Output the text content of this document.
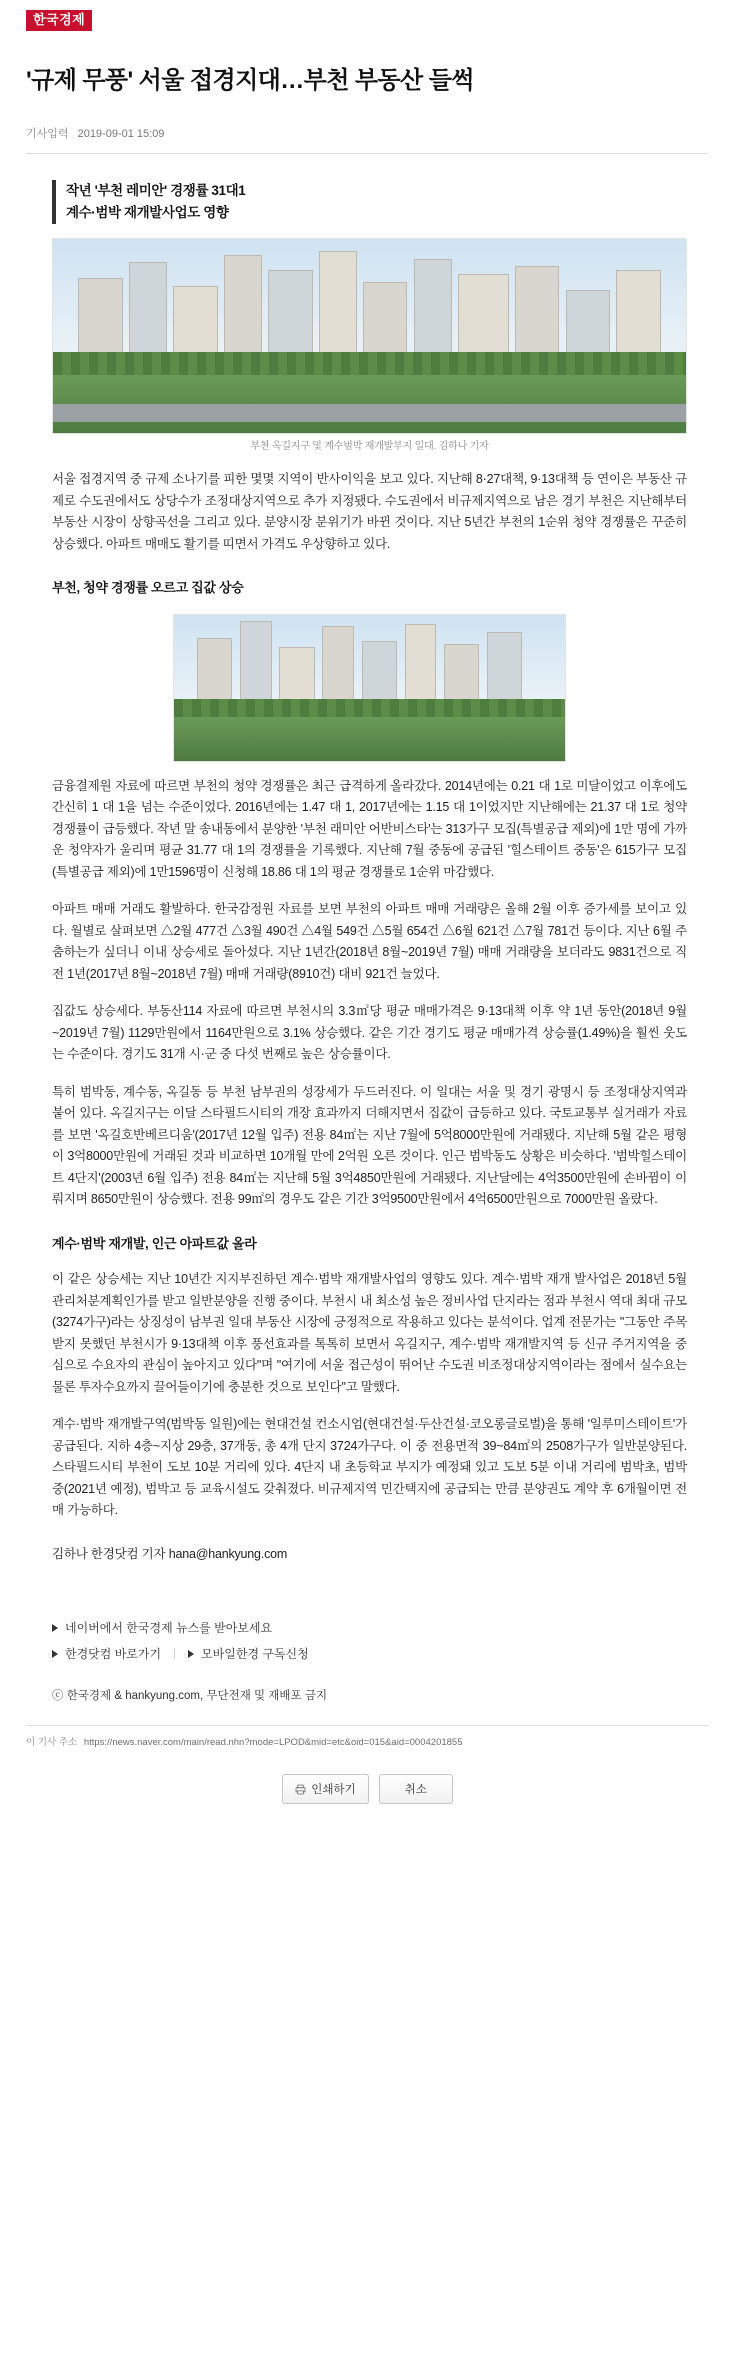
한국경제
'규제 무풍' 서울 접경지대…부천 부동산 들썩
기사입력 2019-09-01 15:09
작년 '부천 레미안' 경쟁률 31대1
계수·범박 재개발사업도 영향
부천 옥길지구 및 계수범박 재개발부지 일대. 김하나 기자

서울 접경지역 중 규제 소나기를 피한 몇몇 지역이 반사이익을 보고 있다. 지난해 8·27대책, 9·13대책 등 연이은 부동산 규제로 수도권에서도 상당수가 조정대상지역으로 추가 지정됐다. 수도권에서 비규제지역으로 남은 경기 부천은 지난해부터 부동산 시장이 상향곡선을 그리고 있다. 분양시장 분위기가 바뀐 것이다. 지난 5년간 부천의 1순위 청약 경쟁률은 꾸준히 상승했다. 아파트 매매도 활기를 띠면서 가격도 우상향하고 있다.

부천, 청약 경쟁률 오르고 집값 상승

금융결제원 자료에 따르면 부천의 청약 경쟁률은 최근 급격하게 올라갔다. 2014년에는 0.21 대 1로 미달이었고 이후에도 간신히 1 대 1을 넘는 수준이었다. 2016년에는 1.47 대 1, 2017년에는 1.15 대 1이었지만 지난해에는 21.37 대 1로 청약 경쟁률이 급등했다. 작년 말 송내동에서 분양한 '부천 래미안 어반비스타'는 313가구 모집(특별공급 제외)에 1만 명에 가까운 청약자가 울리며 평균 31.77 대 1의 경쟁률을 기록했다. 지난해 7월 중동에 공급된 '힐스테이트 중동'은 615가구 모집(특별공급 제외)에 1만1596명이 신청해 18.86 대 1의 평균 경쟁률로 1순위 마감했다.

아파트 매매 거래도 활발하다. 한국감정원 자료를 보면 부천의 아파트 매매 거래량은 올해 2월 이후 증가세를 보이고 있다. 월별로 살펴보면 △2월 477건 △3월 490건 △4월 549건 △5월 654건 △6월 621건 △7월 781건 등이다. 지난 6월 주춤하는가 싶더니 이내 상승세로 돌아섰다. 지난 1년간(2018년 8월~2019년 7월) 매매 거래량을 보더라도 9831건으로 직전 1년(2017년 8월~2018년 7월) 매매 거래량(8910건) 대비 921건 늘었다.

집값도 상승세다. 부동산114 자료에 따르면 부천시의 3.3㎡당 평균 매매가격은 9·13대책 이후 약 1년 동안(2018년 9월~2019년 7월) 1129만원에서 1164만원으로 3.1% 상승했다. 같은 기간 경기도 평균 매매가격 상승률(1.49%)을 훨씬 웃도는 수준이다. 경기도 31개 시·군 중 다섯 번째로 높은 상승률이다.

특히 범박동, 계수동, 옥길동 등 부천 남부권의 성장세가 두드러진다. 이 일대는 서울 및 경기 광명시 등 조정대상지역과 붙어 있다. 옥길지구는 이달 스타필드시티의 개장 효과까지 더해지면서 집값이 급등하고 있다. 국토교통부 실거래가 자료를 보면 '옥길호반베르디움'(2017년 12월 입주) 전용 84㎡는 지난 7월에 5억8000만원에 거래됐다. 지난해 5월 같은 평형이 3억8000만원에 거래된 것과 비교하면 10개월 만에 2억원 오른 것이다. 인근 범박동도 상황은 비슷하다. '범박힐스테이트 4단지'(2003년 6월 입주) 전용 84㎡는 지난해 5월 3억4850만원에 거래됐다. 지난달에는 4억3500만원에 손바뀜이 이뤄지며 8650만원이 상승했다. 전용 99㎡의 경우도 같은 기간 3억9500만원에서 4억6500만원으로 7000만원 올랐다.

계수·범박 재개발, 인근 아파트값 올라

이 같은 상승세는 지난 10년간 지지부진하던 계수·범박 재개발사업의 영향도 있다. 계수·범박 재개 발사업은 2018년 5월 관리처분계획인가를 받고 일반분양을 진행 중이다. 부천시 내 최소성 높은 정비사업 단지라는 점과 부천시 역대 최대 규모(3274가구)라는 상징성이 남부권 일대 부동산 시장에 긍정적으로 작용하고 있다는 분석이다. 업계 전문가는 "그동안 주목받지 못했던 부천시가 9·13대책 이후 풍선효과를 톡톡히 보면서 옥길지구, 계수·범박 재개발지역 등 신규 주거지역을 중심으로 수요자의 관심이 높아지고 있다"며 "여기에 서울 접근성이 뛰어난 수도권 비조정대상지역이라는 점에서 실수요는 물론 투자수요까지 끌어들이기에 충분한 것으로 보인다"고 말했다.

계수·범박 재개발구역(범박동 일원)에는 현대건설 컨소시엄(현대건설·두산건설·코오롱글로벌)을 통해 '일루미스테이트'가 공급된다. 지하 4층~지상 29층, 37개동, 총 4개 단지 3724가구다. 이 중 전용면적 39~84㎡의 2508가구가 일반분양된다. 스타필드시티 부천이 도보 10분 거리에 있다. 4단지 내 초등학교 부지가 예정돼 있고 도보 5분 이내 거리에 범박초, 범박중(2021년 예정), 범박고 등 교육시설도 갖춰졌다. 비규제지역 민간택지에 공급되는 만큼 분양권도 계약 후 6개월이면 전매 가능하다.

김하나 한경닷컴 기자 hana@hankyung.com
네이버에서 한국경제 뉴스를 받아보세요
한경닷컴 바로가기	모바일한경 구독신청
ⓒ 한국경제 & hankyung.com, 무단전재 및 재배포 금지
이 기사 주소 https://news.naver.com/main/read.nhn?mode=LPOD&mid=etc&oid=015&aid=0004201855
인쇄하기	취소
